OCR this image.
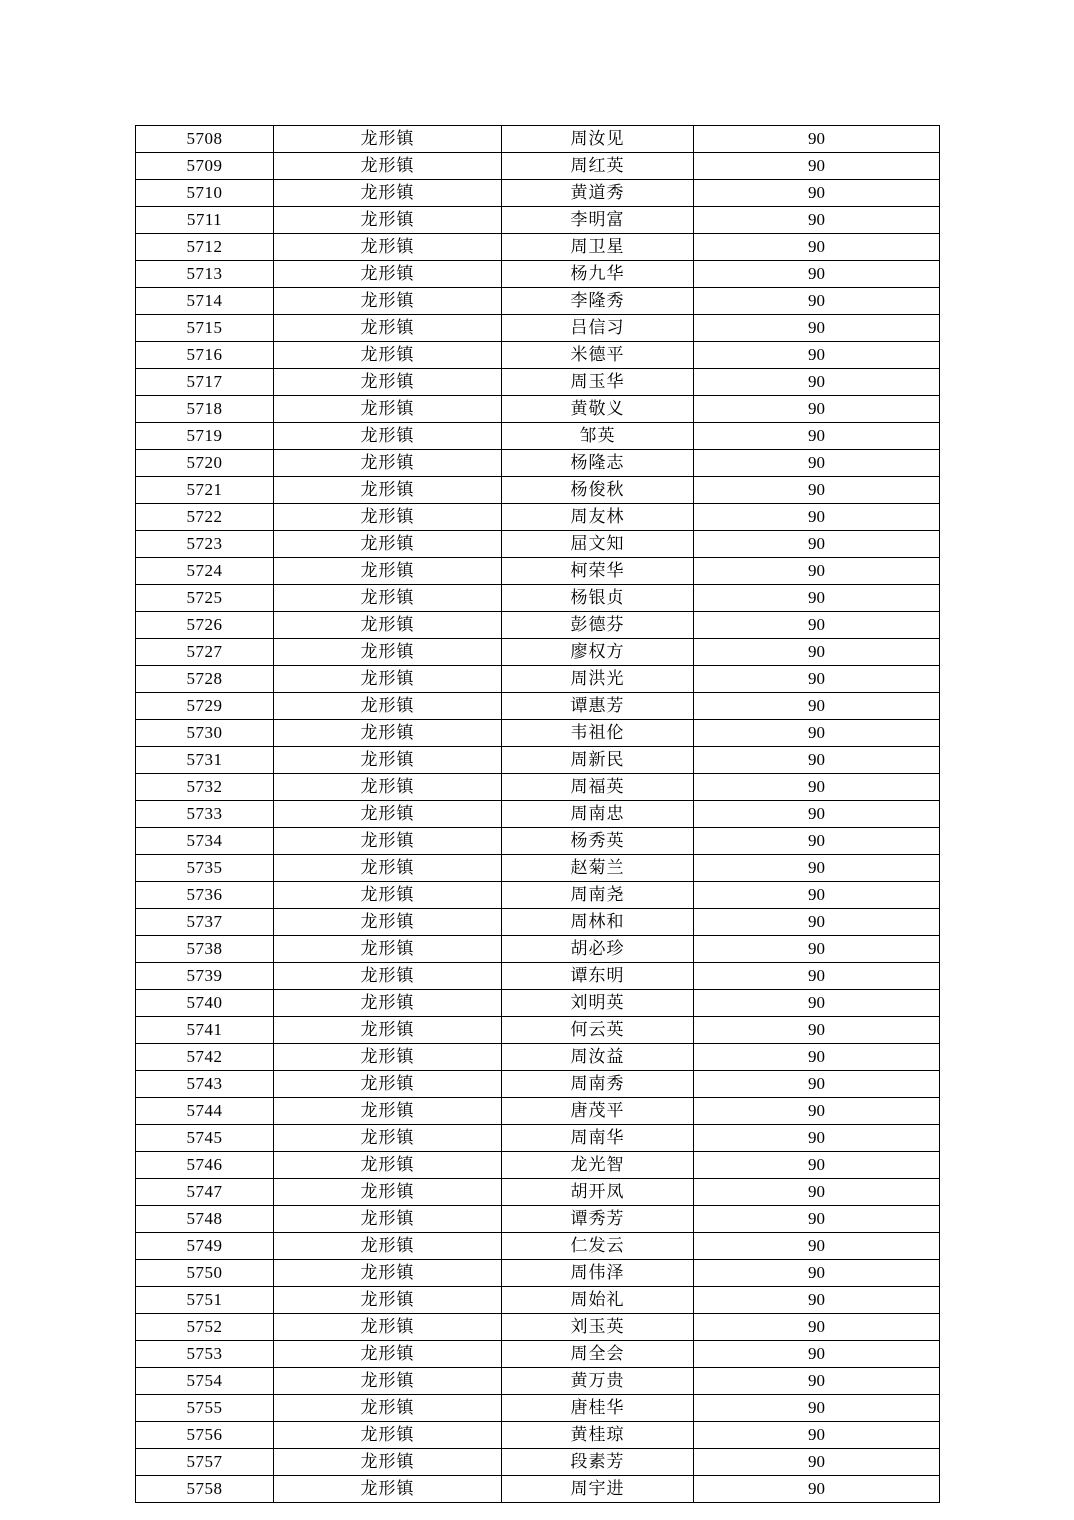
5708	龙形镇	周汝见	90
5709	龙形镇	周红英	90
5710	龙形镇	黄道秀	90
5711	龙形镇	李明富	90
5712	龙形镇	周卫星	90
5713	龙形镇	杨九华	90
5714	龙形镇	李隆秀	90
5715	龙形镇	吕信习	90
5716	龙形镇	米德平	90
5717	龙形镇	周玉华	90
5718	龙形镇	黄敬义	90
5719	龙形镇	邹英	90
5720	龙形镇	杨隆志	90
5721	龙形镇	杨俊秋	90
5722	龙形镇	周友林	90
5723	龙形镇	屈文知	90
5724	龙形镇	柯荣华	90
5725	龙形镇	杨银贞	90
5726	龙形镇	彭德芬	90
5727	龙形镇	廖权方	90
5728	龙形镇	周洪光	90
5729	龙形镇	谭惠芳	90
5730	龙形镇	韦祖伦	90
5731	龙形镇	周新民	90
5732	龙形镇	周福英	90
5733	龙形镇	周南忠	90
5734	龙形镇	杨秀英	90
5735	龙形镇	赵菊兰	90
5736	龙形镇	周南尧	90
5737	龙形镇	周林和	90
5738	龙形镇	胡必珍	90
5739	龙形镇	谭东明	90
5740	龙形镇	刘明英	90
5741	龙形镇	何云英	90
5742	龙形镇	周汝益	90
5743	龙形镇	周南秀	90
5744	龙形镇	唐茂平	90
5745	龙形镇	周南华	90
5746	龙形镇	龙光智	90
5747	龙形镇	胡开凤	90
5748	龙形镇	谭秀芳	90
5749	龙形镇	仁发云	90
5750	龙形镇	周伟泽	90
5751	龙形镇	周始礼	90
5752	龙形镇	刘玉英	90
5753	龙形镇	周全会	90
5754	龙形镇	黄万贵	90
5755	龙形镇	唐桂华	90
5756	龙形镇	黄桂琼	90
5757	龙形镇	段素芳	90
5758	龙形镇	周宇进	90
